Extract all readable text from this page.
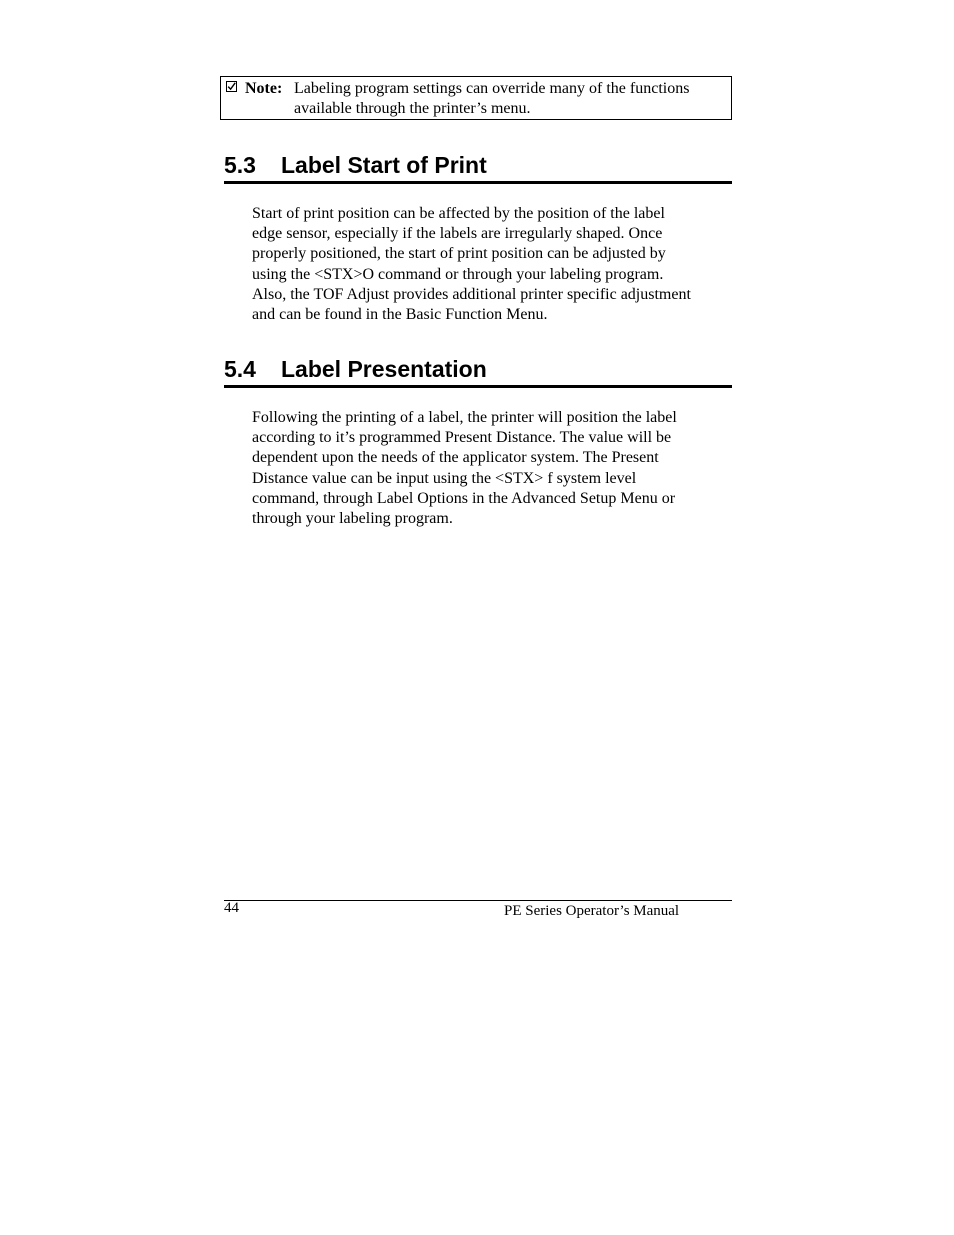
Note: Labeling program settings can override many of the functions
available through the printer’s menu.
5.3 Label Start of Print
Start of print position can be affected by the position of the label
edge sensor, especially if the labels are irregularly shaped. Once
properly positioned, the start of print position can be adjusted by
using the <STX>O command or through your labeling program.
Also, the TOF Adjust provides additional printer specific adjustment
and can be found in the Basic Function Menu.
5.4 Label Presentation
Following the printing of a label, the printer will position the label
according to it’s programmed Present Distance. The value will be
dependent upon the needs of the applicator system. The Present
Distance value can be input using the <STX> f system level
command, through Label Options in the Advanced Setup Menu or
through your labeling program.
44	PE Series Operator’s Manual
